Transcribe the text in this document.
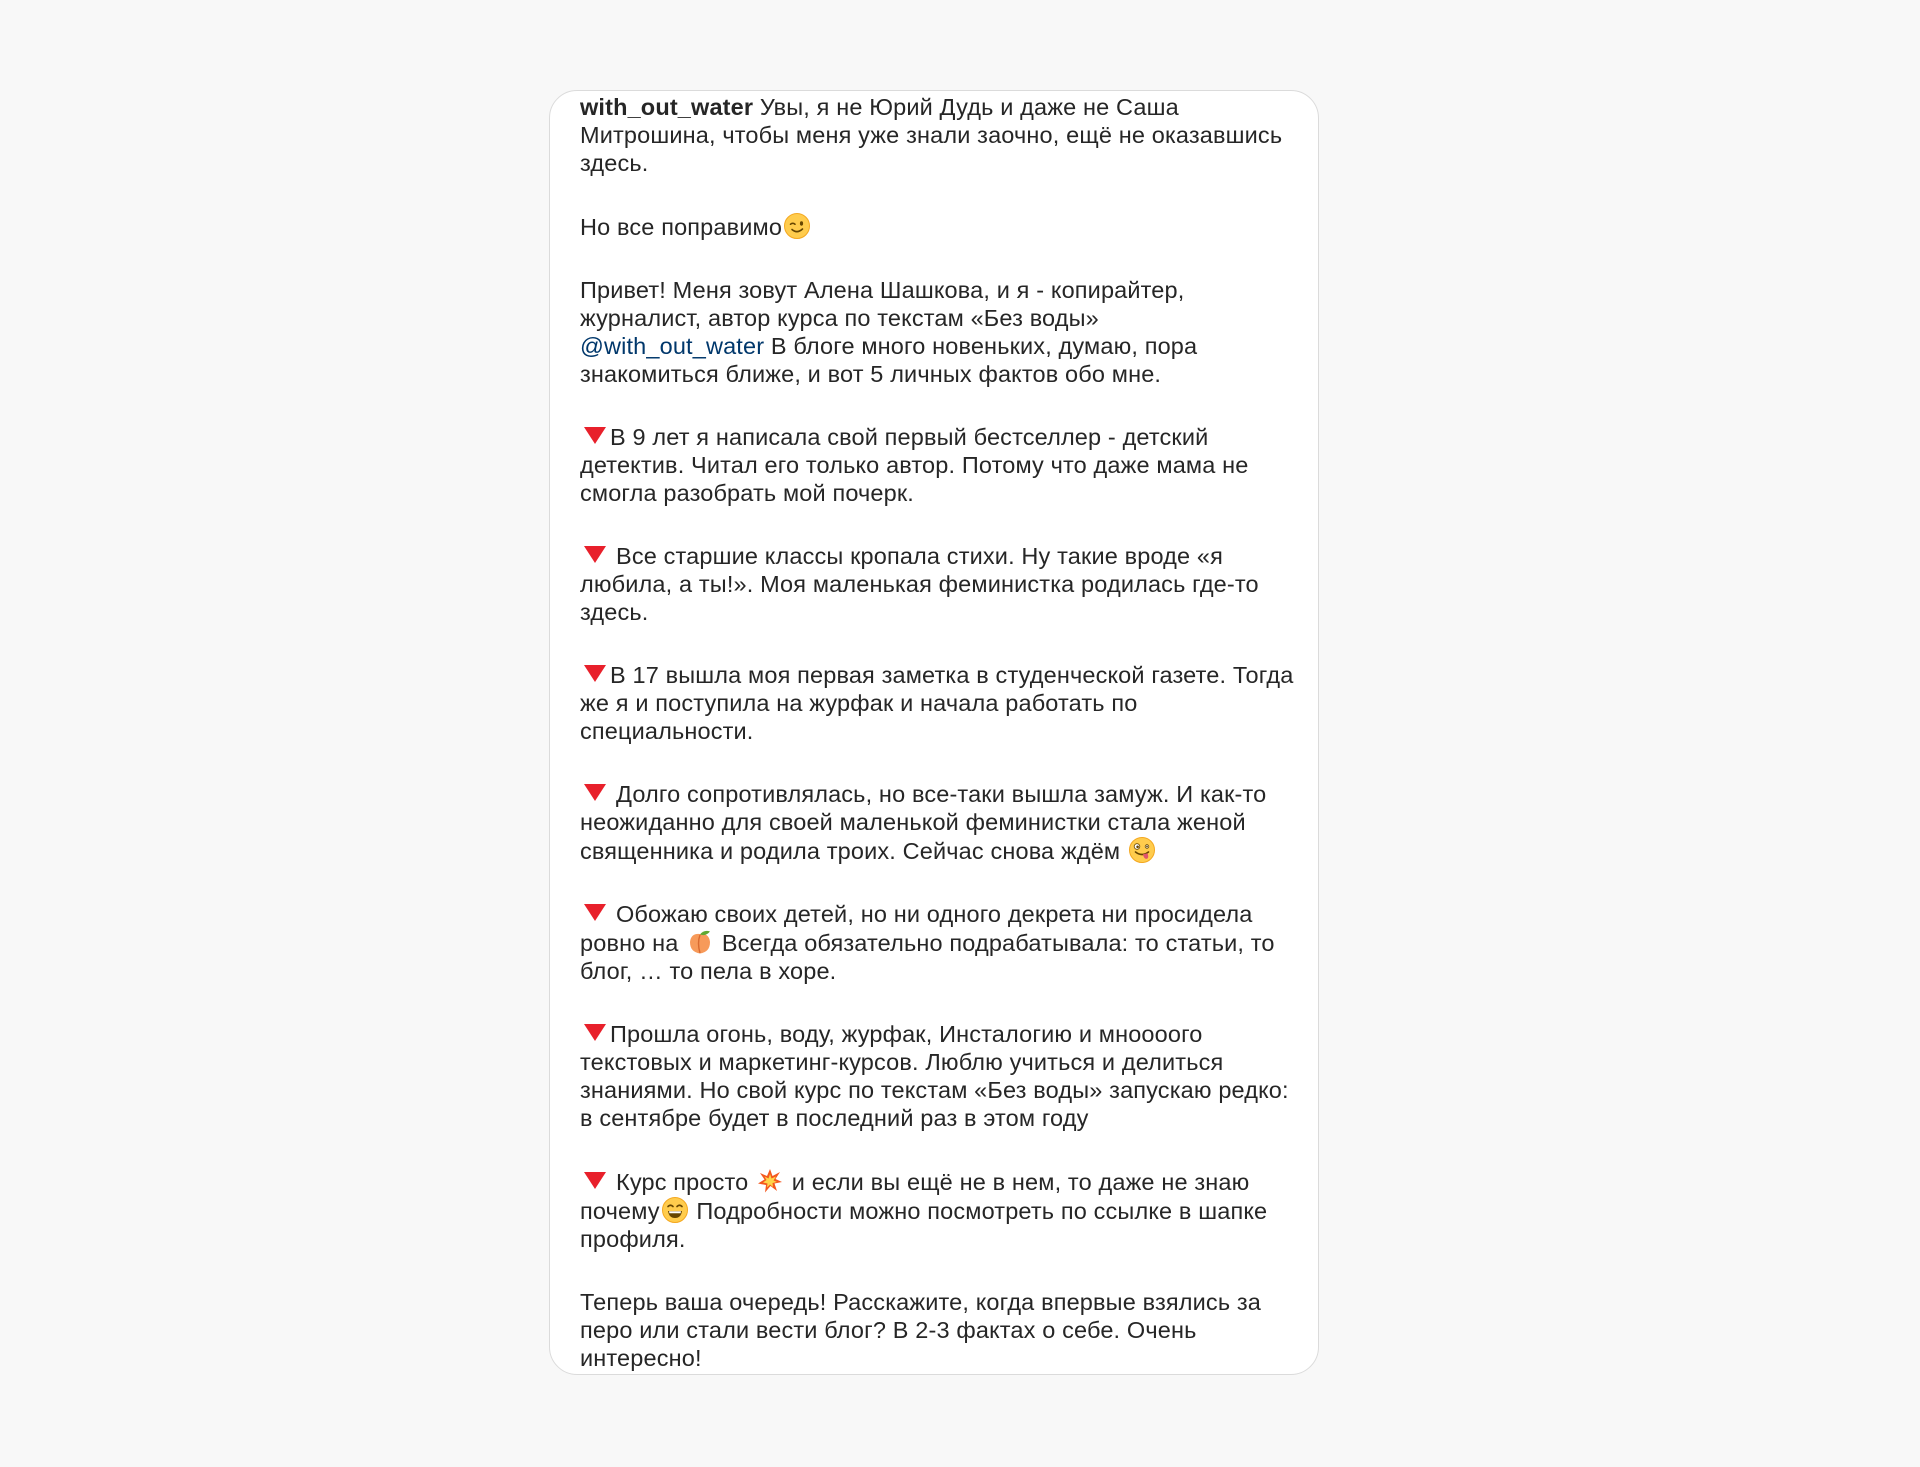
with_out_water Увы, я не Юрий Дудь и даже не Саша Митрошина, чтобы меня уже знали заочно, ещё не оказавшись здесь.

Но все поправимо

Привет! Меня зовут Алена Шашкова, и я - копирайтер, журналист, автор курса по текстам «Без воды»
@with_out_water В блоге много новеньких, думаю, пора знакомиться ближе, и вот 5 личных фактов обо мне.

В 9 лет я написала свой первый бестселлер - детский детектив. Читал его только автор. Потому что даже мама не смогла разобрать мой почерк.

Все старшие классы кропала стихи. Ну такие вроде «я любила, а ты!». Моя маленькая феминистка родилась где-то здесь.

В 17 вышла моя первая заметка в студенческой газете. Тогда же я и поступила на журфак и начала работать по специальности.

Долго сопротивлялась, но все-таки вышла замуж. И как-то неожиданно для своей маленькой феминистки стала женой священника и родила троих. Сейчас снова ждём

Обожаю своих детей, но ни одного декрета ни просидела ровно на Всегда обязательно подрабатывала: то статьи, то блог, … то пела в хоре.

Прошла огонь, воду, журфак, Инсталогию и мноооого текстовых и маркетинг-курсов. Люблю учиться и делиться знаниями. Но свой курс по текстам «Без воды» запускаю редко: в сентябре будет в последний раз в этом году

Курс просто и если вы ещё не в нем, то даже не знаю почему Подробности можно посмотреть по ссылке в шапке профиля.

Теперь ваша очередь! Расскажите, когда впервые взялись за перо или стали вести блог? В 2-3 фактах о себе. Очень интересно!
